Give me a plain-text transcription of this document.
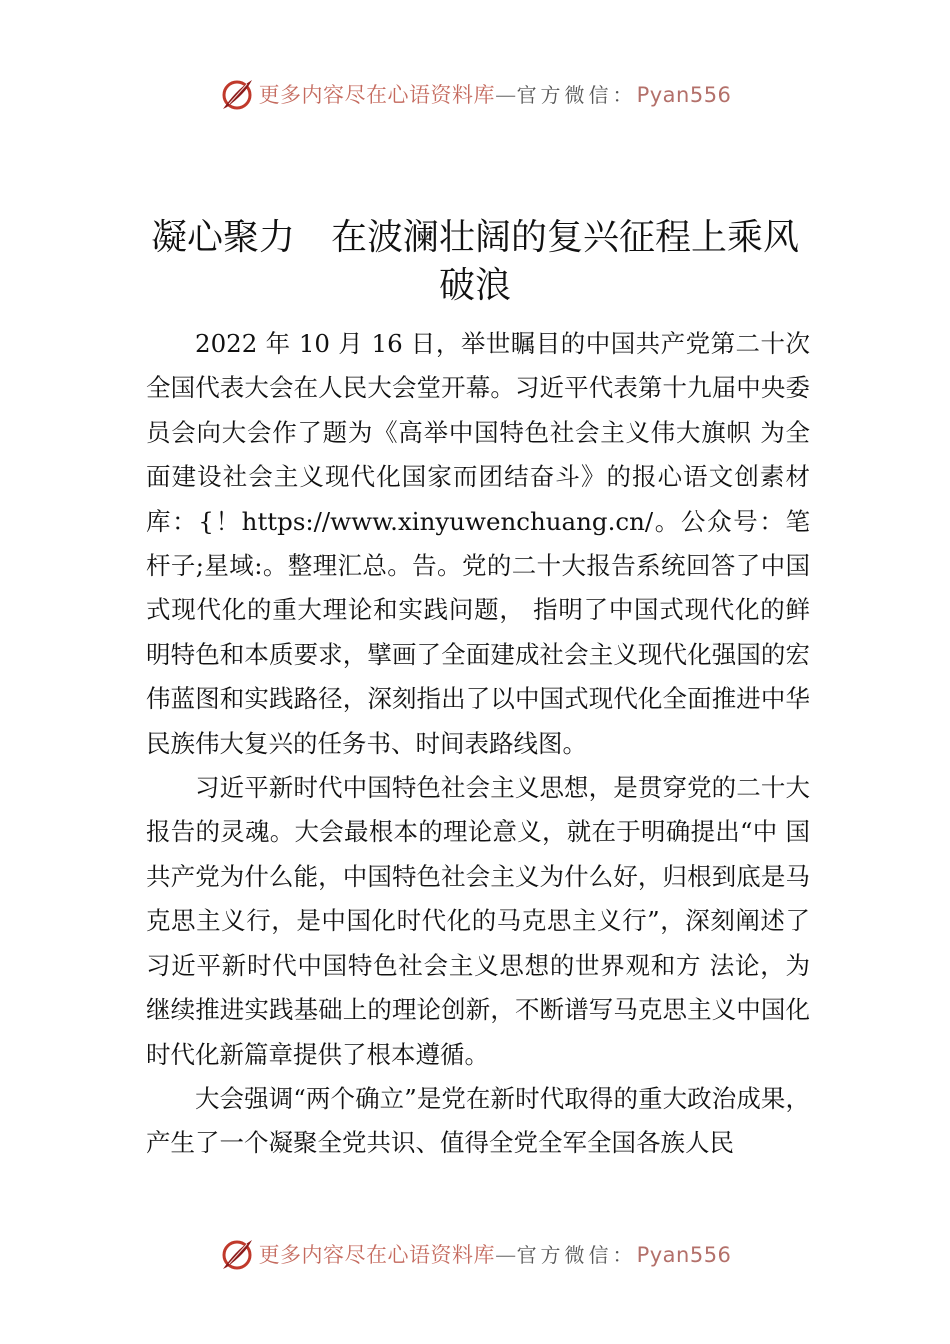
更多内容尽在心语资料库—官方微信：Pyan556
凝心聚力　在波澜壮阔的复兴征程上乘风
破浪

2022 年 10 月 16 日，举世瞩目的中国共产党第二十次全国代表大会在人民大会堂开幕。习近平代表第十九届中央委员会向大会作了题为《高举中国特色社会主义伟大旗帜 为全面建设社会主义现代化国家而团结奋斗》的报心语文创素材库：{！https://www.xinyuwenchuang.cn/。公众号：笔杆子;星域:。整理汇总。告。党的二十大报告系统回答了中国式现代化的重大理论和实践问题， 指明了中国式现代化的鲜明特色和本质要求，擘画了全面建成社会主义现代化强国的宏伟蓝图和实践路径，深刻指出了以中国式现代化全面推进中华民族伟大复兴的任务书、时间表路线图。

习近平新时代中国特色社会主义思想，是贯穿党的二十大报告的灵魂。大会最根本的理论意义，就在于明确提出“中 国共产党为什么能，中国特色社会主义为什么好，归根到底是马克思主义行，是中国化时代化的马克思主义行”，深刻阐述了习近平新时代中国特色社会主义思想的世界观和方 法论，为继续推进实践基础上的理论创新，不断谱写马克思主义中国化时代化新篇章提供了根本遵循。

大会强调“两个确立”是党在新时代取得的重大政治成果，产生了一个凝聚全党共识、值得全党全军全国各族人民

更多内容尽在心语资料库—官方微信：Pyan556
